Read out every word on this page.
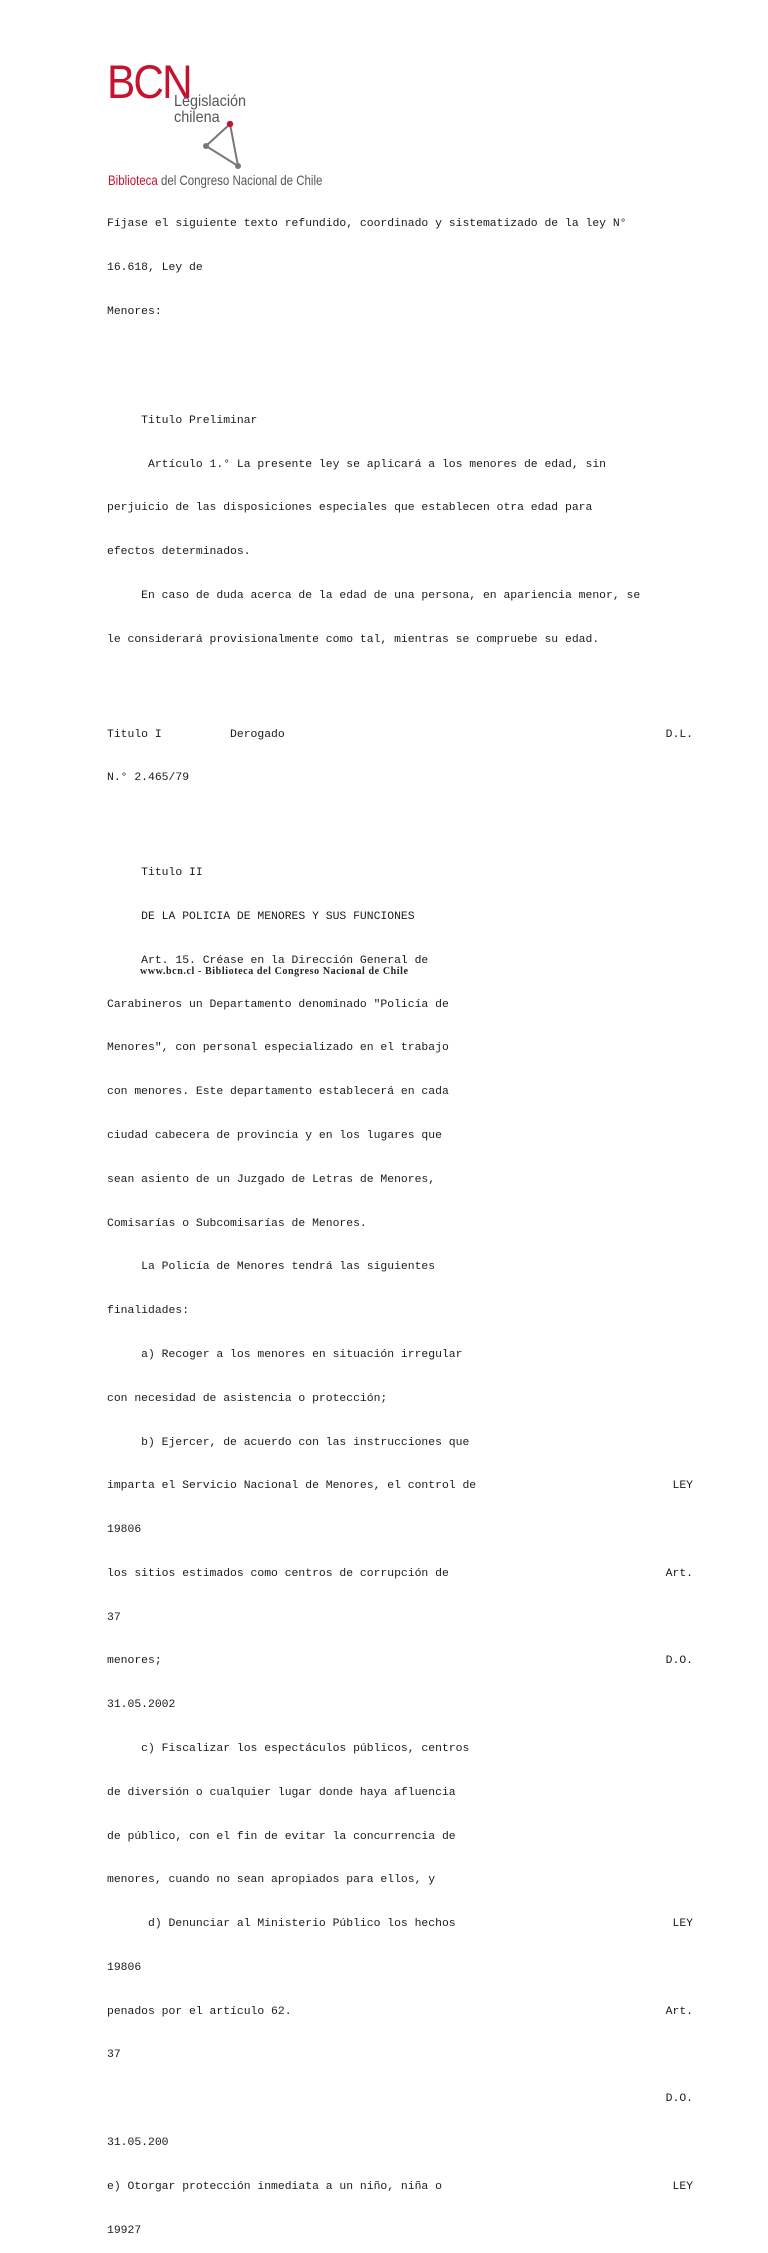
BCN
Legislación chilena
Biblioteca del Congreso Nacional de Chile

Fíjase el siguiente texto refundido, coordinado y sistematizado de la ley N°

16.618, Ley de

Menores:

Titulo Preliminar

Artículo 1.° La presente ley se aplicará a los menores de edad, sin

perjuicio de las disposiciones especiales que establecen otra edad para

efectos determinados.

En caso de duda acerca de la edad de una persona, en apariencia menor, se

le considerará provisionalmente como tal, mientras se compruebe su edad.

Titulo I          Derogado	D.L.

N.° 2.465/79

Titulo II

DE LA POLICIA DE MENORES Y SUS FUNCIONES

Art. 15. Créase en la Dirección General de

Carabineros un Departamento denominado "Policía de

Menores", con personal especializado en el trabajo

con menores. Este departamento establecerá en cada

ciudad cabecera de provincia y en los lugares que

sean asiento de un Juzgado de Letras de Menores,

Comisarías o Subcomisarías de Menores.

La Policía de Menores tendrá las siguientes

finalidades:

a) Recoger a los menores en situación irregular

con necesidad de asistencia o protección;

b) Ejercer, de acuerdo con las instrucciones que

imparta el Servicio Nacional de Menores, el control de	LEY

19806

los sitios estimados como centros de corrupción de	Art.

37

menores;	D.O.

31.05.2002

c) Fiscalizar los espectáculos públicos, centros

de diversión o cualquier lugar donde haya afluencia

de público, con el fin de evitar la concurrencia de

menores, cuando no sean apropiados para ellos, y

d) Denunciar al Ministerio Público los hechos	LEY

19806

penados por el artículo 62.	Art.

37

D.O.

31.05.200

e) Otorgar protección inmediata a un niño, niña o	LEY

19927

www.bcn.cl - Biblioteca del Congreso Nacional de Chile
